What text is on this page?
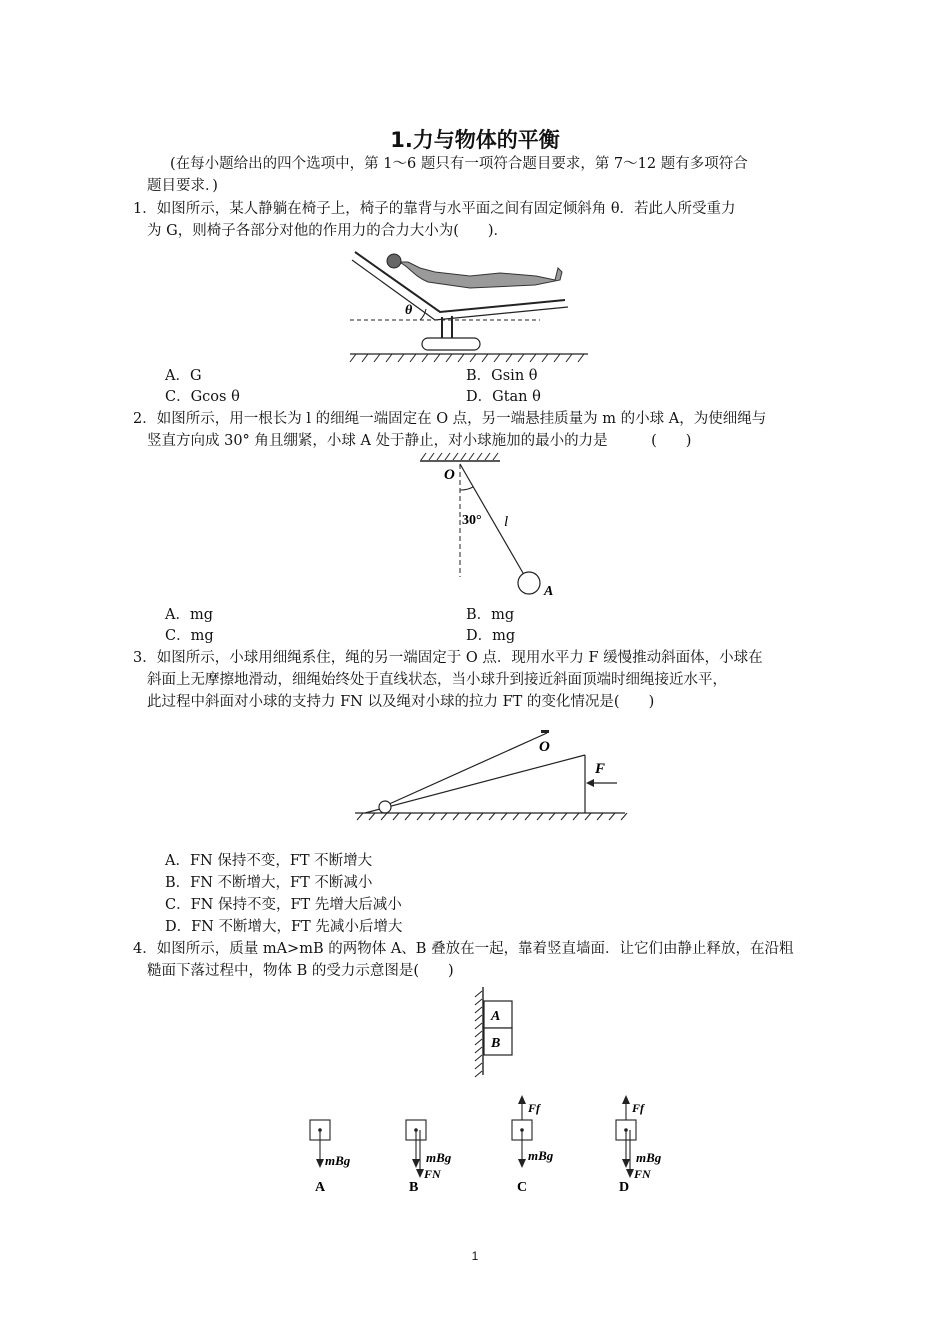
1.力与物体的平衡
(在每小题给出的四个选项中，第 1～6 题只有一项符合题目要求，第 7～12 题有多项符合
题目要求．)
1．如图所示，某人静躺在椅子上，椅子的靠背与水平面之间有固定倾斜角 θ．若此人所受重力
为 G，则椅子各部分对他的作用力的合力大小为(　　)．
θ
A．G	B．Gsin θ
C．Gcos θ	D．Gtan θ
2．如图所示，用一根长为 l 的细绳一端固定在 O 点，另一端悬挂质量为 m 的小球 A，为使细绳与
竖直方向成 30° 角且绷紧，小球 A 处于静止，对小球施加的最小的力是　　　(　　)
O
30° l
A
A．mg	B．mg
C．mg	D．mg
3．如图所示，小球用细绳系住，绳的另一端固定于 O 点．现用水平力 F 缓慢推动斜面体，小球在
斜面上无摩擦地滑动，细绳始终处于直线状态，当小球升到接近斜面顶端时细绳接近水平，
此过程中斜面对小球的支持力 FN 以及绳对小球的拉力 FT 的变化情况是(　　)
O
F
A．FN 保持不变，FT 不断增大
B．FN 不断增大，FT 不断减小
C．FN 保持不变，FT 先增大后减小
D．FN 不断增大，FT 先减小后增大
4．如图所示，质量 mA>mB 的两物体 A、B 叠放在一起，靠着竖直墙面．让它们由静止释放，在沿粗
糙面下落过程中，物体 B 的受力示意图是(　　)
A
B
mBg
A
mBg
FN
B
Ff
mBg
C
Ff
mBg
FN
D
1
